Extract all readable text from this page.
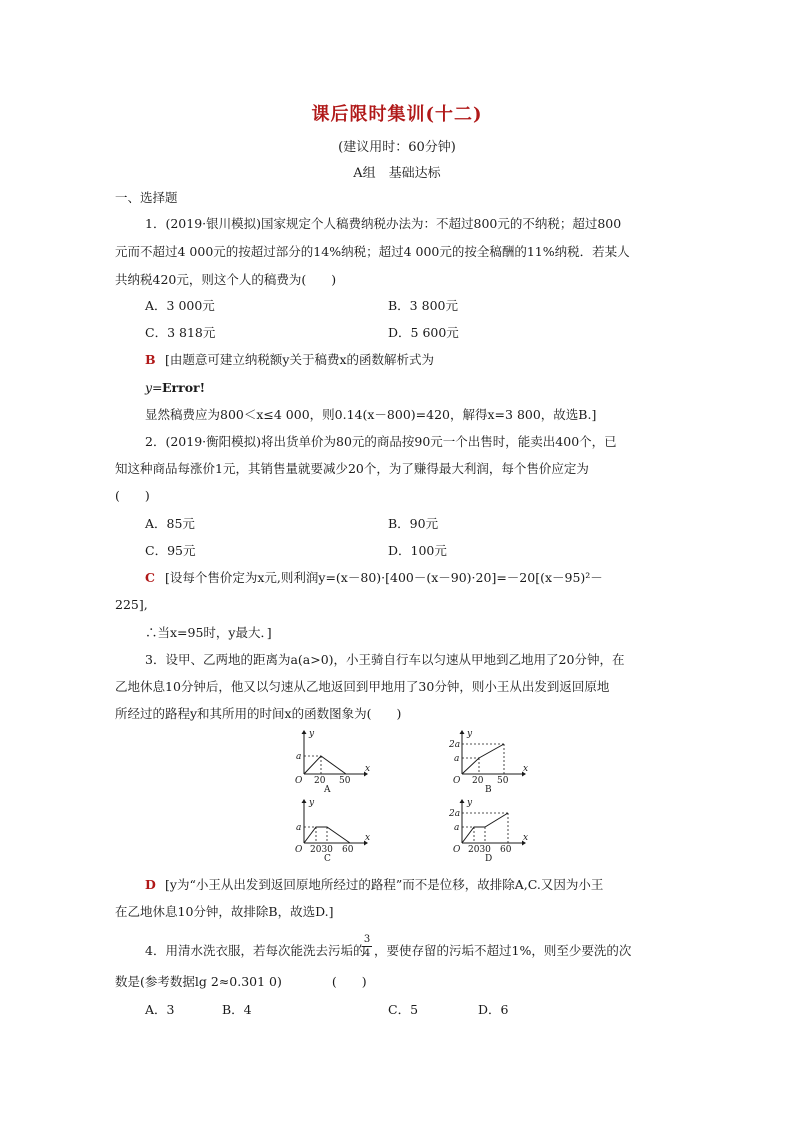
课后限时集训(十二)
(建议用时：60分钟)
A组　基础达标
一、选择题
1．(2019·银川模拟)国家规定个人稿费纳税办法为：不超过800元的不纳税；超过800
元而不超过4 000元的按超过部分的14%纳税；超过4 000元的按全稿酬的11%纳税．若某人
共纳税420元，则这个人的稿费为(　　)
A．3 000元	B．3 800元
C．3 818元	D．5 600元
B [由题意可建立纳税额y关于稿费x的函数解析式为
y= Error!
显然稿费应为800＜x≤4 000，则0.14(x－800)=420，解得x=3 800，故选B.]
2．(2019·衡阳模拟)将出货单价为80元的商品按90元一个出售时，能卖出400个，已
知这种商品每涨价1元，其销售量就要减少20个，为了赚得最大利润，每个售价应定为
(　　)
A．85元	B．90元
C．95元	D．100元
C [设每个售价定为x元,则利润y=(x－80)·[400－(x－90)·20]=－20[(x－95)²－
225],
∴当x=95时，y最大．]
3．设甲、乙两地的距离为a(a>0)，小王骑自行车以匀速从甲地到乙地用了20分钟，在
乙地休息10分钟后，他又以匀速从乙地返回到甲地用了30分钟，则小王从出发到返回原地
所经过的路程y和其所用的时间x的函数图象为(　　)
y
x
a
O 20 50
A
y
x
2a
a
O 20 50
B
y
x
a
O 2030 60
C
y
x
2a
a
O 2030 60
D
D [y为“小王从出发到返回原地所经过的路程”而不是位移，故排除A,C.又因为小王
在乙地休息10分钟，故排除B，故选D.]
4．用清水洗衣服，若每次能洗去污垢的
3
4 ，要使存留的污垢不超过1%，则至少要洗的次
数是(参考数据lg 2≈0.301 0)　　　　(　　)
A．3	B．4	C．5	D．6
